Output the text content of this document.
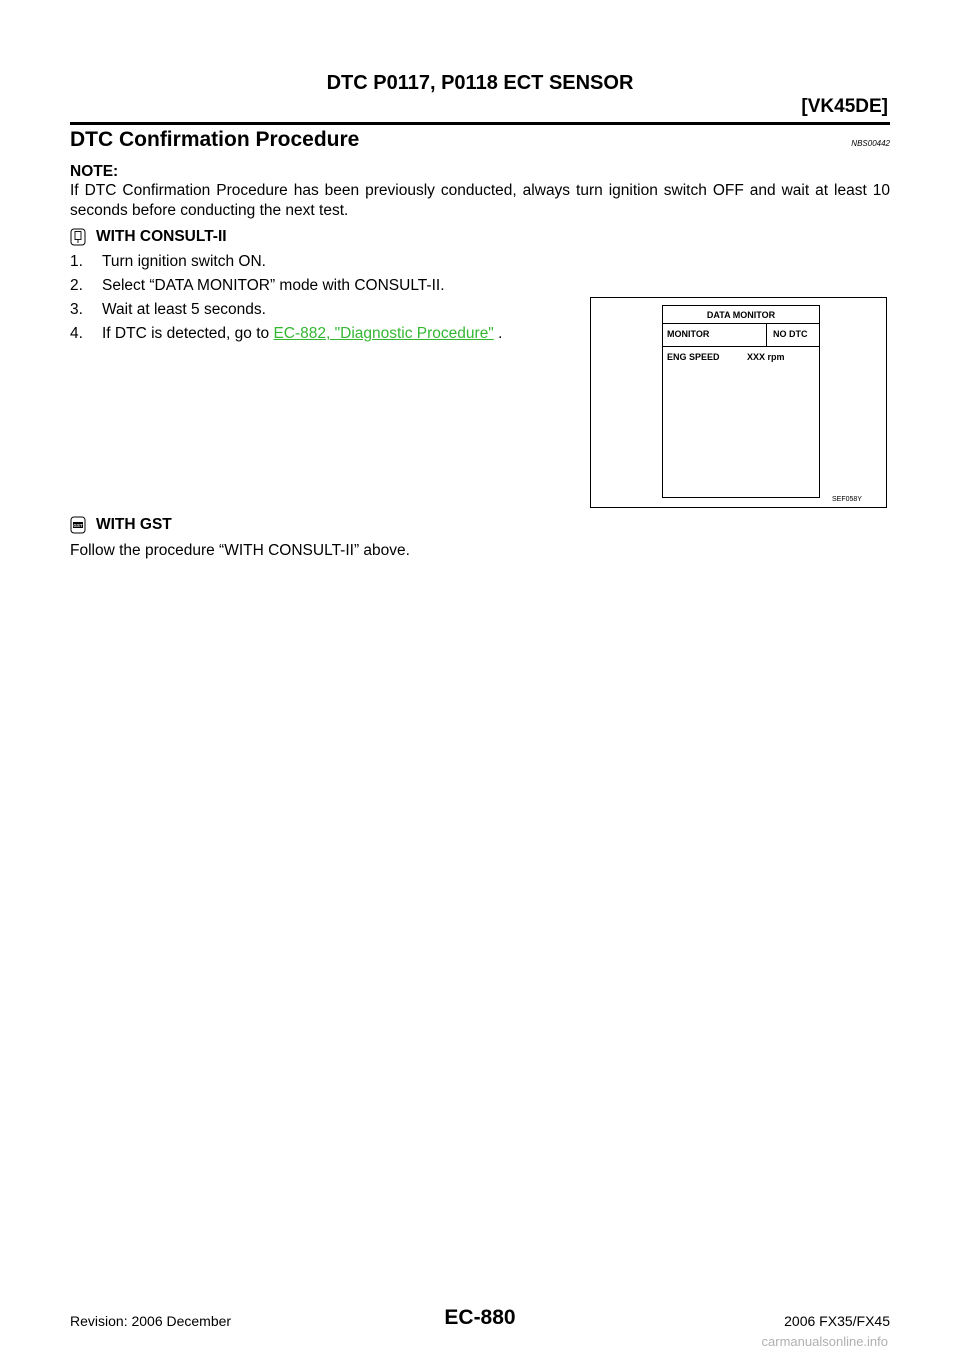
DTC P0117, P0118 ECT SENSOR
[VK45DE]
DTC Confirmation Procedure	NBS00442
NOTE:
If DTC Confirmation Procedure has been previously conducted, always turn ignition switch OFF and wait at least 10 seconds before conducting the next test.
WITH CONSULT-II
1. Turn ignition switch ON.
2. Select “DATA MONITOR” mode with CONSULT-II.
3. Wait at least 5 seconds.
4. If DTC is detected, go to EC-882, "Diagnostic Procedure" .
DATA MONITOR
MONITOR	NO DTC
ENG SPEED	XXX rpm
SEF058Y
GST WITH GST
Follow the procedure “WITH CONSULT-II” above.
Revision: 2006 December	EC-880	2006 FX35/FX45
carmanualsonline.info
